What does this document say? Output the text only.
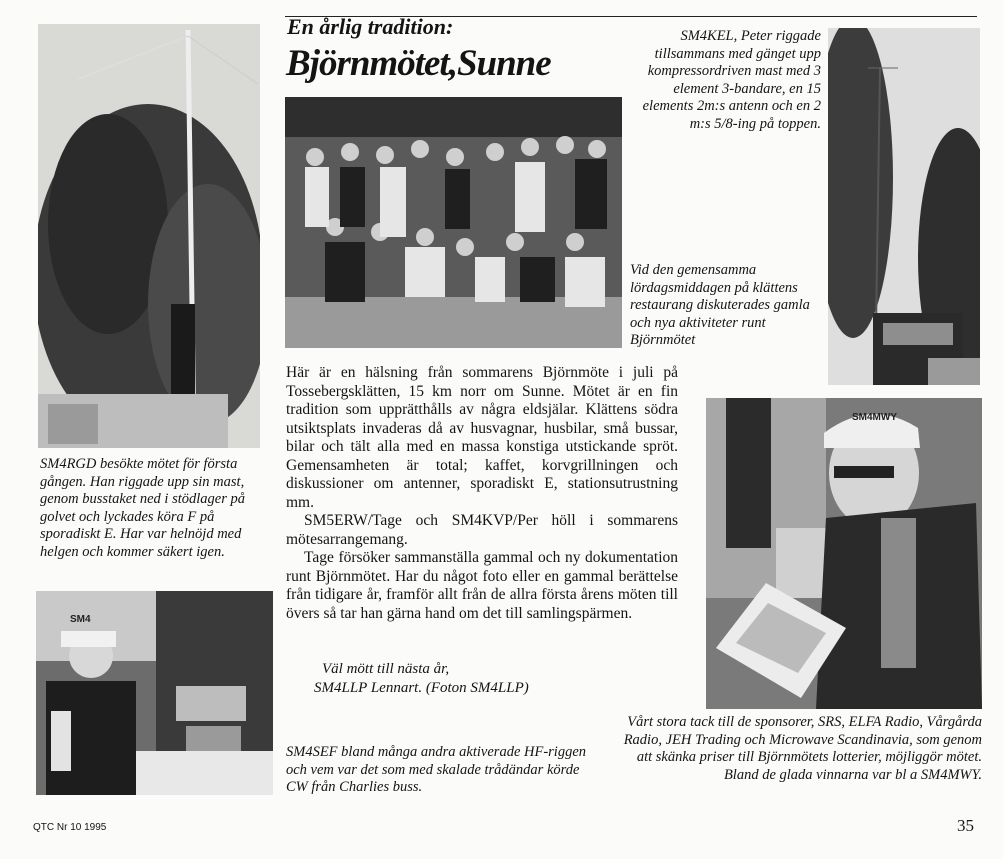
En årlig tradition:
Björnmötet,Sunne
SM4
SM4MWY
SM4RGD besökte mötet för första gången. Han riggade upp sin mast, genom busstaket ned i stödlager på golvet och lyckades köra F på sporadiskt E. Har var helnöjd med helgen och kommer säkert igen.
SM4KEL, Peter riggade tillsammans med gänget upp kompressordriven mast med 3 element 3-bandare, en 15 elements 2m:s antenn och en 2 m:s 5/8-ing på toppen.
Vid den gemensamma lördagsmiddagen på klättens restaurang diskuterades gamla och nya aktiviteter runt Björnmötet
SM4SEF bland många andra aktiverade HF-riggen och vem var det som med skalade trådändar körde CW från Charlies buss.
Vårt stora tack till de sponsorer, SRS, ELFA Radio, Vårgårda Radio, JEH Trading och Microwave Scandinavia, som genom att skänka priser till Björnmötets lotterier, möjliggör mötet. Bland de glada vinnarna var bl a SM4MWY.

Här är en hälsning från sommarens Björnmöte i juli på Tossebergsklätten, 15 km norr om Sunne. Mötet är en fin tradition som upprätthålls av några eldsjälar. Klättens södra utsiktsplats invaderas då av husvagnar, husbilar, små bussar, bilar och tält alla med en massa konstiga utstickande spröt. Gemensamheten är total; kaffet, korvgrillningen och diskussioner om antenner, sporadiskt E, stationsutrustning mm.

SM5ERW/Tage och SM4KVP/Per höll i sommarens mötesarrangemang.

Tage försöker sammanställa gammal och ny dokumentation runt Björnmötet. Har du något foto eller en gammal berättelse från tidigare år, framför allt från de allra första årens möten till övers så tar han gärna hand om det till samlingspärmen.

Väl mött till nästa år,
SM4LLP Lennart. (Foton SM4LLP)
QTC Nr 10 1995	35
